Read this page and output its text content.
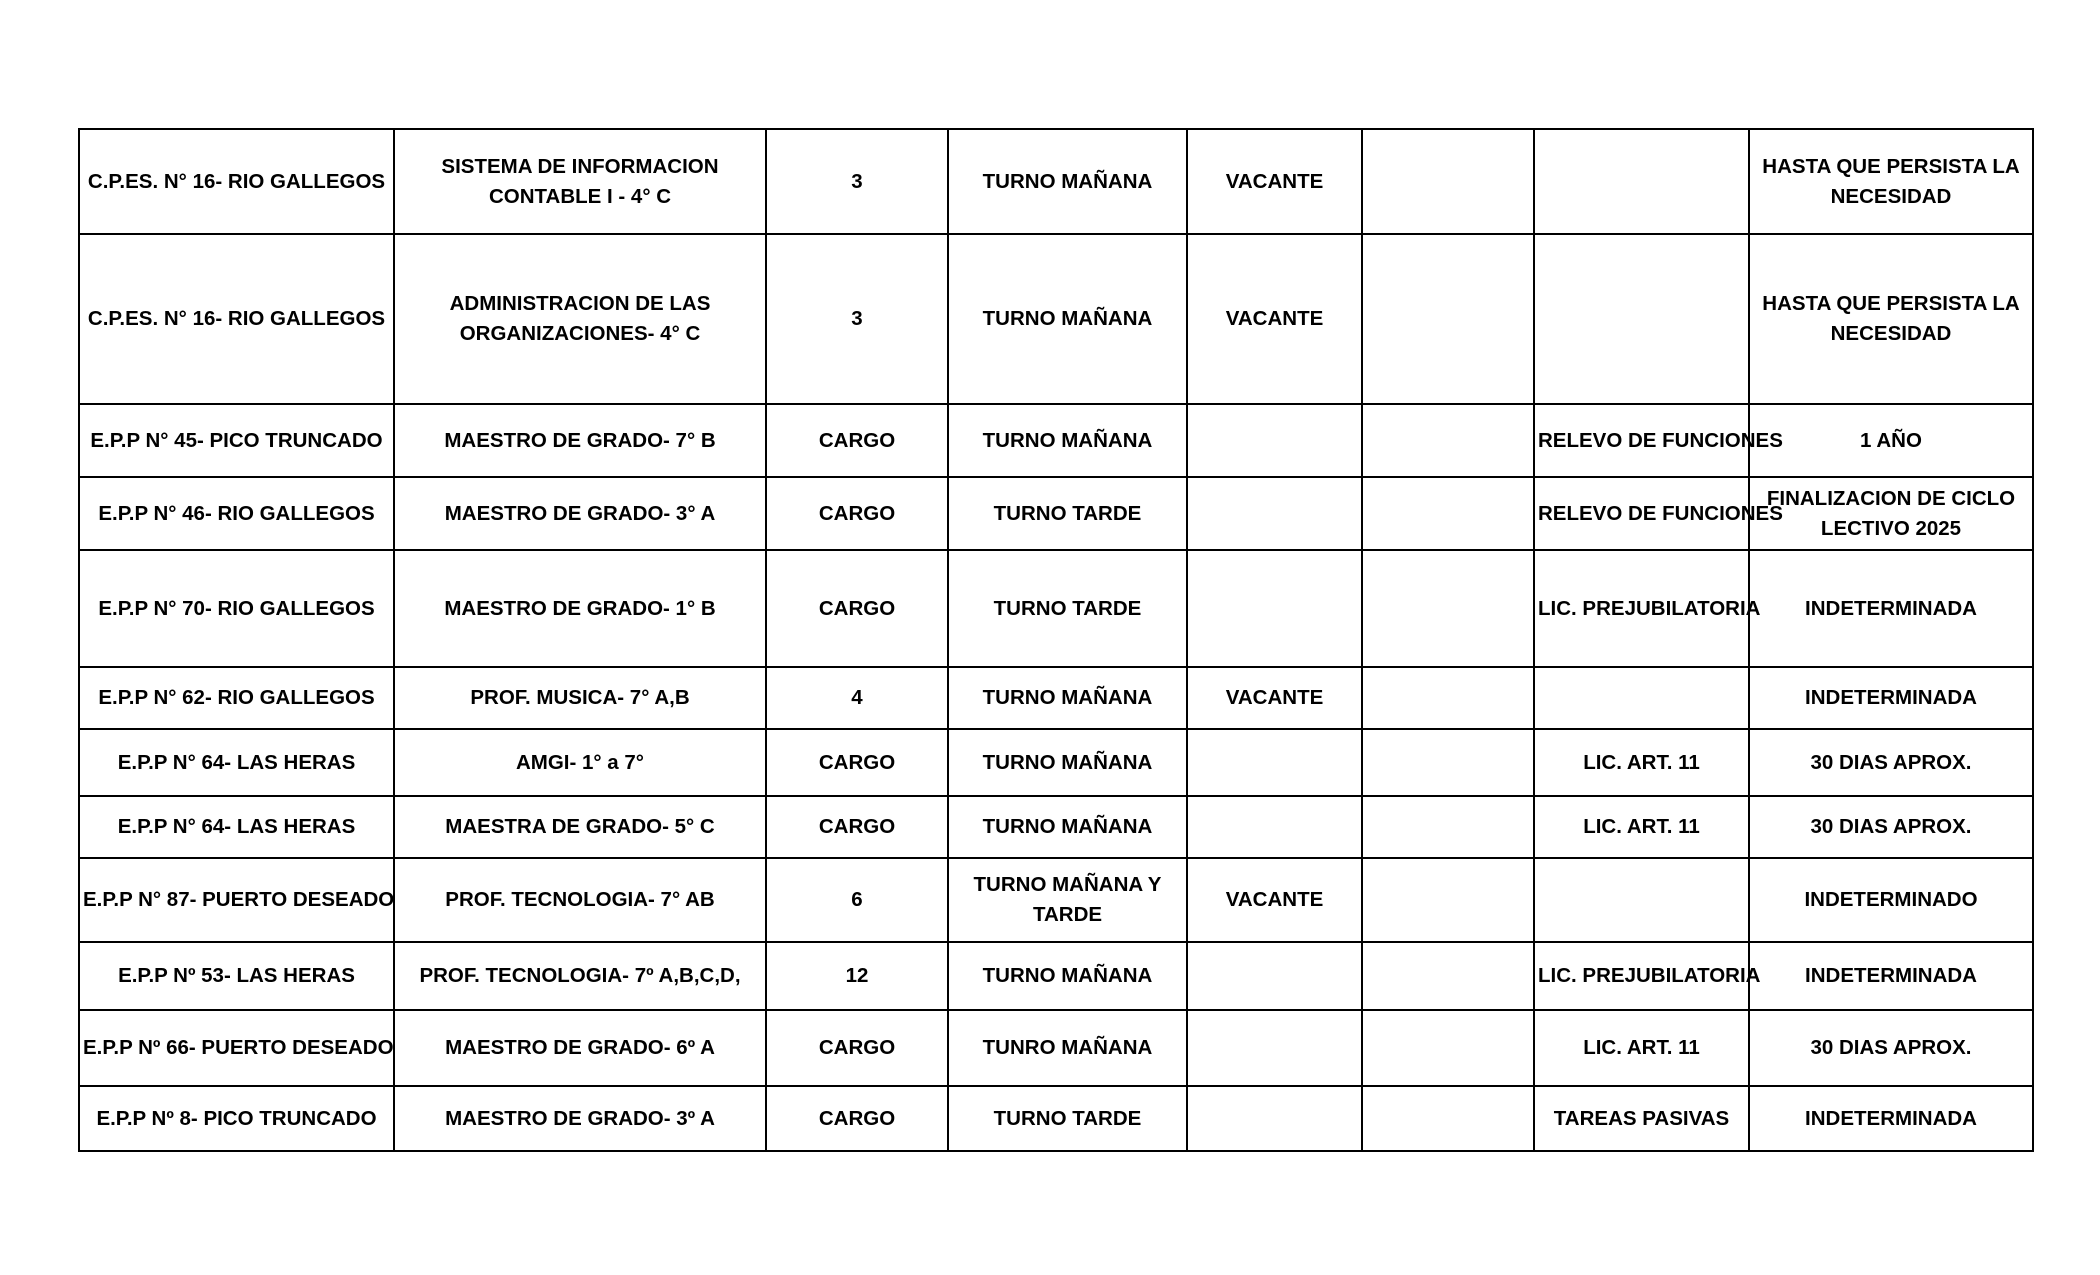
C.P.ES. N° 16- RIO GALLEGOS	SISTEMA DE INFORMACION CONTABLE I - 4° C	3	TURNO MAÑANA	VACANTE			HASTA QUE PERSISTA LA NECESIDAD
C.P.ES. N° 16- RIO GALLEGOS	ADMINISTRACION DE LAS ORGANIZACIONES- 4° C	3	TURNO MAÑANA	VACANTE			HASTA QUE PERSISTA LA NECESIDAD
E.P.P N° 45- PICO TRUNCADO	MAESTRO DE GRADO- 7° B	CARGO	TURNO MAÑANA			RELEVO DE FUNCIONES	1 AÑO
E.P.P N° 46- RIO GALLEGOS	MAESTRO DE GRADO- 3° A	CARGO	TURNO TARDE			RELEVO DE FUNCIONES	FINALIZACION DE CICLO LECTIVO 2025
E.P.P N° 70- RIO GALLEGOS	MAESTRO DE GRADO- 1° B	CARGO	TURNO TARDE			LIC. PREJUBILATORIA	INDETERMINADA
E.P.P N° 62- RIO GALLEGOS	PROF. MUSICA- 7° A,B	4	TURNO MAÑANA	VACANTE			INDETERMINADA
E.P.P N° 64- LAS HERAS	AMGI- 1° a 7°	CARGO	TURNO MAÑANA			LIC. ART. 11	30 DIAS APROX.
E.P.P N° 64- LAS HERAS	MAESTRA DE GRADO- 5° C	CARGO	TURNO MAÑANA			LIC. ART. 11	30 DIAS APROX.
E.P.P N° 87- PUERTO DESEADO	PROF. TECNOLOGIA- 7° AB	6	TURNO MAÑANA Y TARDE	VACANTE			INDETERMINADO
E.P.P Nº 53- LAS HERAS	PROF. TECNOLOGIA- 7º A,B,C,D,	12	TURNO MAÑANA			LIC. PREJUBILATORIA	INDETERMINADA
E.P.P Nº 66- PUERTO DESEADO	MAESTRO DE GRADO- 6º A	CARGO	TUNRO MAÑANA			LIC. ART. 11	30 DIAS APROX.
E.P.P Nº 8- PICO TRUNCADO	MAESTRO DE GRADO- 3º A	CARGO	TURNO TARDE			TAREAS PASIVAS	INDETERMINADA
